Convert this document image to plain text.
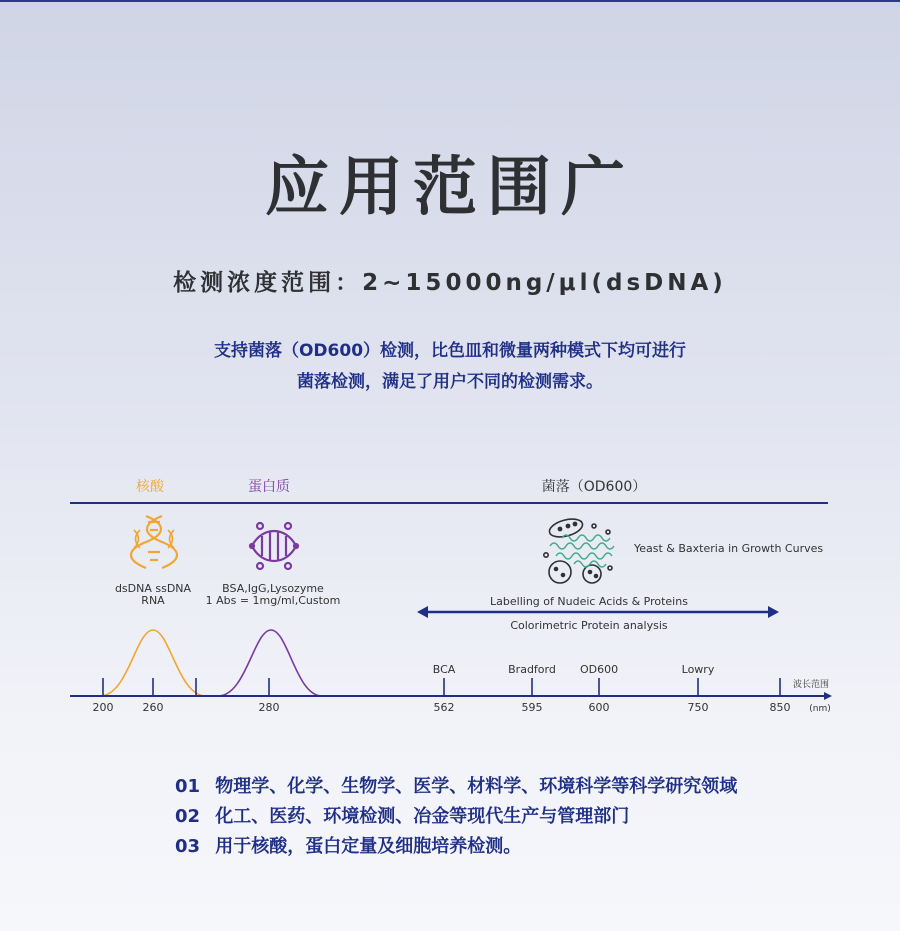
应用范围广
检测浓度范围：2~15000ng/μl(dsDNA)
支持菌落（OD600）检测，比色皿和微量两种模式下均可进行
菌落检测，满足了用户不同的检测需求。
核酸	蛋白质	菌落（OD600）
dsDNA ssDNA
RNA
BSA,IgG,Lysozyme
1 Abs = 1mg/ml,Custom
Yeast & Baxteria in Growth Curves
Labelling of Nudeic Acids & Proteins
Colorimetric Protein analysis
BCA	Bradford OD600	Lowry
波长范围
200	260	280	562	595	600	750	850 (nm)
01 物理学、化学、生物学、医学、材料学、环境科学等科学研究领域
02 化工、医药、环境检测、冶金等现代生产与管理部门
03 用于核酸，蛋白定量及细胞培养检测。
